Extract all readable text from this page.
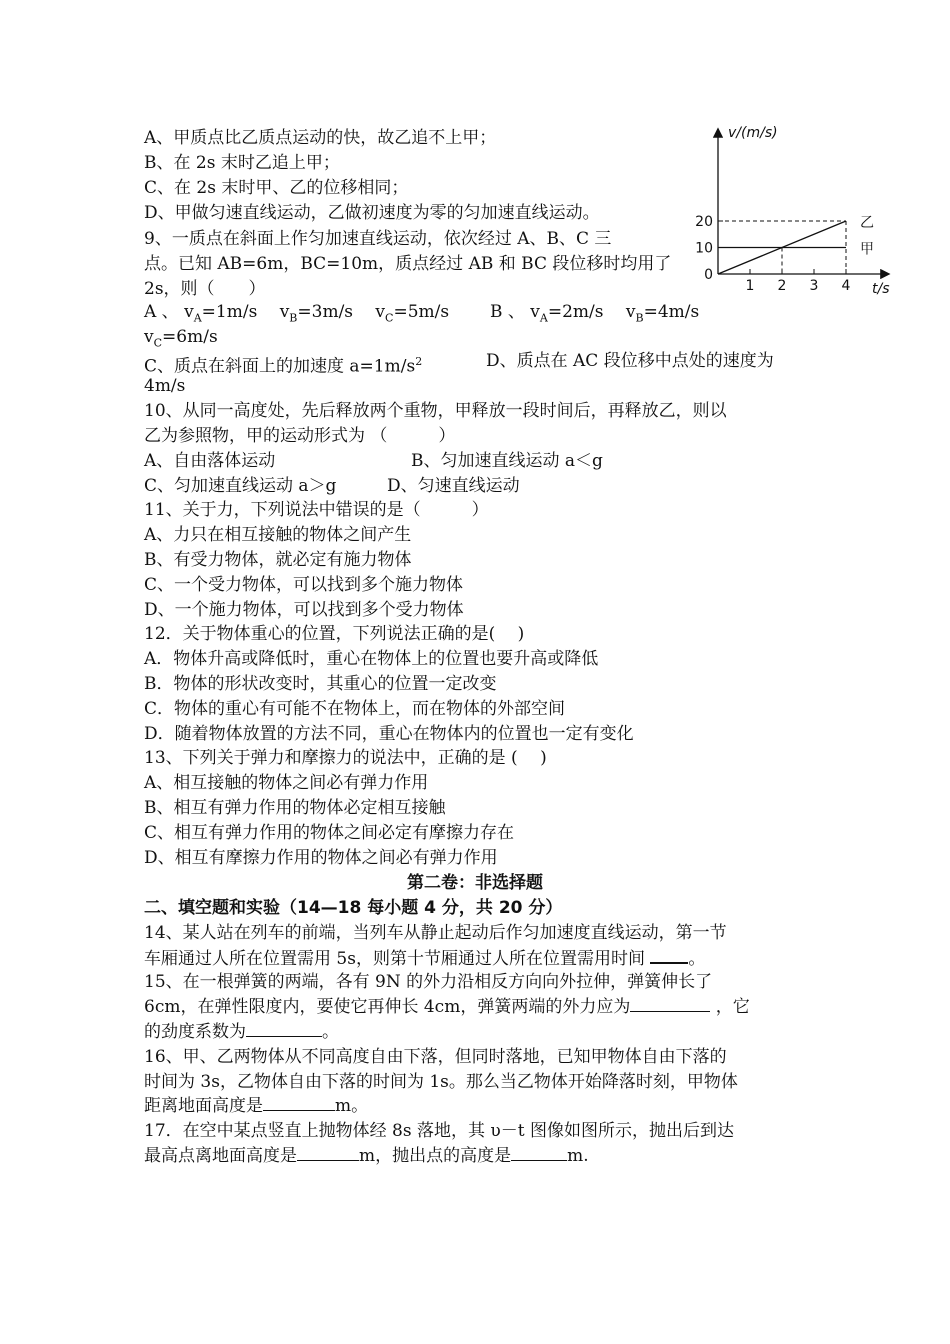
A、甲质点比乙质点运动的快，故乙追不上甲；
B、在 2s 末时乙追上甲；
C、在 2s 末时甲、乙的位移相同；
D、甲做匀速直线运动，乙做初速度为零的匀加速直线运动。
v/(m/s)
t/s
1 2 3 4
0
10
20
甲
乙
9、一质点在斜面上作匀加速直线运动，依次经过 A、B、C 三
点。已知 AB=6m，BC=10m，质点经过 AB 和 BC 段位移时均用了
2s，则（　　）
A 、 $v_A=1m/s$　 $v_B=3m/s$　 $v_C=5m/s$ B 、 $v_A=2m/s$　 $v_B=4m/s$
$v_C=6m/s$
C、质点在斜面上的加速度 $a=1m/s^2$	D、质点在 AC 段位移中点处的速度为
4m/s
10、从同一高度处，先后释放两个重物，甲释放一段时间后，再释放乙，则以
乙为参照物，甲的运动形式为 （　　　）
A、自由落体运动	B、匀加速直线运动 a＜g
C、匀加速直线运动 a＞g	D、匀速直线运动
11、关于力，下列说法中错误的是（　　　）
A、力只在相互接触的物体之间产生
B、有受力物体，就必定有施力物体
C、一个受力物体，可以找到多个施力物体
D、一个施力物体，可以找到多个受力物体
12．关于物体重心的位置，下列说法正确的是(　 )
A．物体升高或降低时，重心在物体上的位置也要升高或降低
B．物体的形状改变时，其重心的位置一定改变
C．物体的重心有可能不在物体上，而在物体的外部空间
D．随着物体放置的方法不同，重心在物体内的位置也一定有变化
13、下列关于弹力和摩擦力的说法中，正确的是 (　 )
A、相互接触的物体之间必有弹力作用
B、相互有弹力作用的物体必定相互接触
C、相互有弹力作用的物体之间必定有摩擦力存在
D、相互有摩擦力作用的物体之间必有弹力作用
第二卷：非选择题
二、填空题和实验（14—18 每小题 4 分，共 20 分）
14、某人站在列车的前端，当列车从静止起动后作匀加速度直线运动，第一节
车厢通过人所在位置需用 5s，则第十节厢通过人所在位置需用时间 。
15、在一根弹簧的两端，各有 9N 的外力沿相反方向向外拉伸，弹簧伸长了
6cm，在弹性限度内，要使它再伸长 4cm，弹簧两端的外力应为	，它
的劲度系数为	。
16、甲、乙两物体从不同高度自由下落，但同时落地，已知甲物体自由下落的
时间为 3s，乙物体自由下落的时间为 1s。那么当乙物体开始降落时刻，甲物体
距离地面高度是	m。
17．在空中某点竖直上抛物体经 8s 落地，其 υ－t 图像如图所示，抛出后到达
最高点离地面高度是	m，抛出点的高度是	m.
